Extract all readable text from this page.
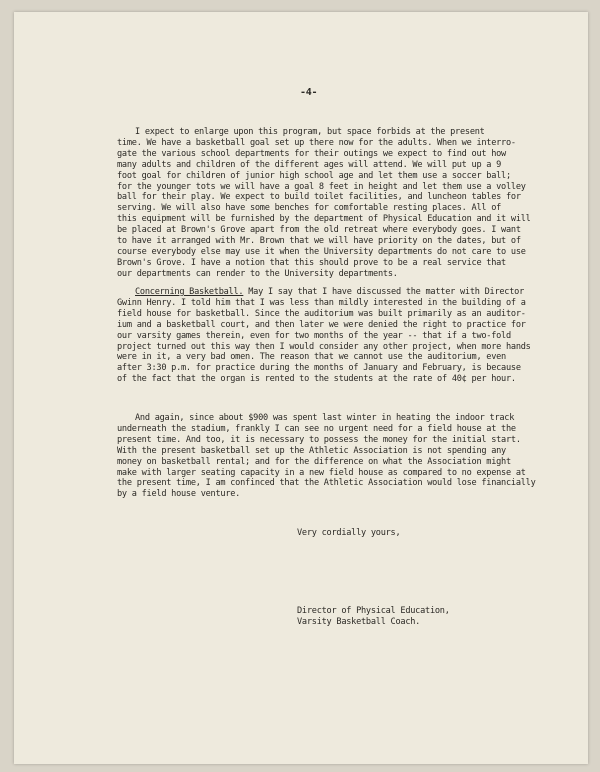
-4-
I expect to enlarge upon this program, but space forbids at the present
time. We have a basketball goal set up there now for the adults. When we interro-
gate the various school departments for their outings we expect to find out how
many adults and children of the different ages will attend. We will put up a 9
foot goal for children of junior high school age and let them use a soccer ball;
for the younger tots we will have a goal 8 feet in height and let them use a volley
ball for their play. We expect to build toilet facilities, and luncheon tables for
serving. We will also have some benches for comfortable resting places. All of
this equipment will be furnished by the department of Physical Education and it will
be placed at Brown's Grove apart from the old retreat where everybody goes. I want
to have it arranged with Mr. Brown that we will have priority on the dates, but of
course everybody else may use it when the University departments do not care to use
Brown's Grove. I have a notion that this should prove to be a real service that
our departments can render to the University departments.
Concerning Basketball. May I say that I have discussed the matter with Director
Gwinn Henry. I told him that I was less than mildly interested in the building of a
field house for basketball. Since the auditorium was built primarily as an auditor-
ium and a basketball court, and then later we were denied the right to practice for
our varsity games therein, even for two months of the year -- that if a two-fold
project turned out this way then I would consider any other project, when more hands
were in it, a very bad omen. The reason that we cannot use the auditorium, even
after 3:30 p.m. for practice during the months of January and February, is because
of the fact that the organ is rented to the students at the rate of 40¢ per hour.
And again, since about $900 was spent last winter in heating the indoor track
underneath the stadium, frankly I can see no urgent need for a field house at the
present time. And too, it is necessary to possess the money for the initial start.
With the present basketball set up the Athletic Association is not spending any
money on basketball rental; and for the difference on what the Association might
make with larger seating capacity in a new field house as compared to no expense at
the present time, I am confinced that the Athletic Association would lose financially
by a field house venture.
Very cordially yours,
Director of Physical Education,
Varsity Basketball Coach.
